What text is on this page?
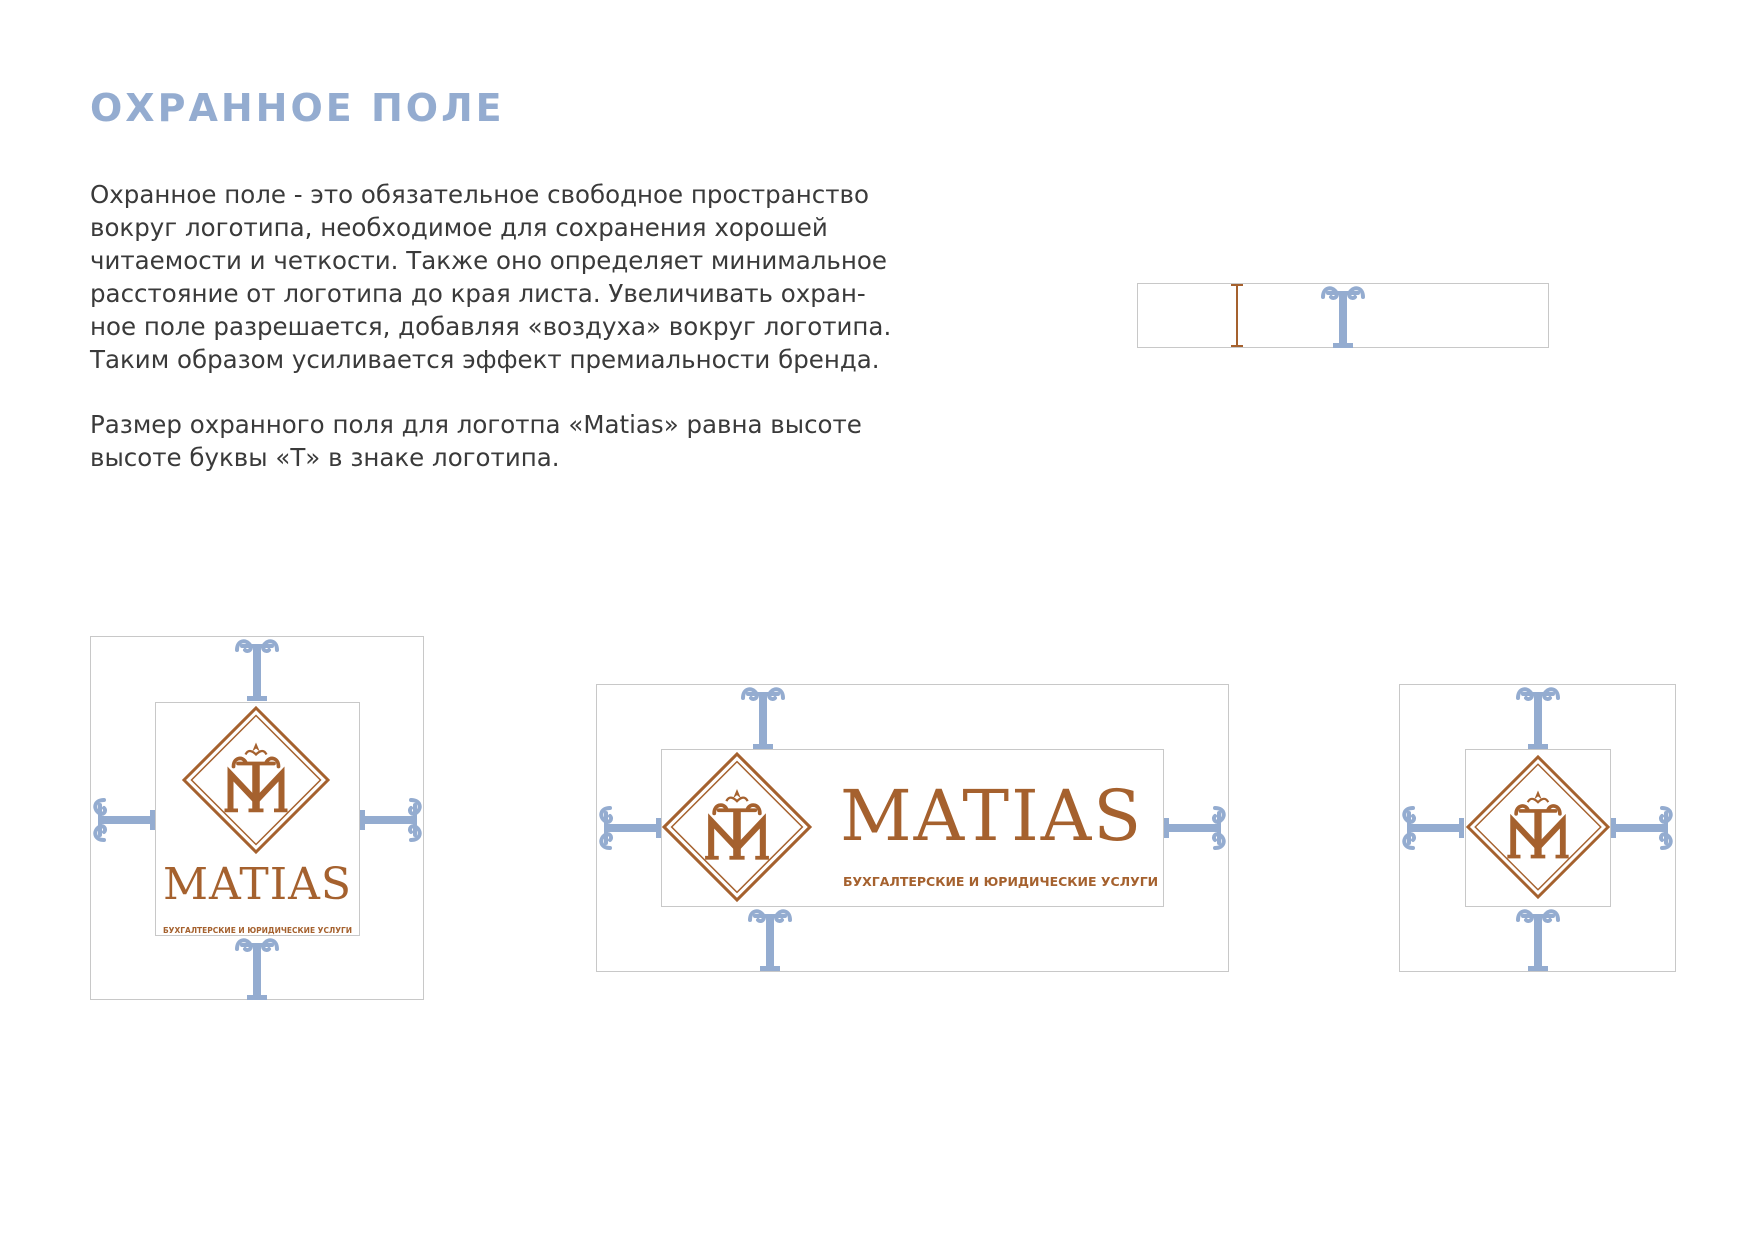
ОХРАННОЕ ПОЛЕ

Охранное поле - это обязательное свободное пространство
вокруг логотипа, необходимое для сохранения хорошей
читаемости и четкости. Также оно определяет минимальное
расстояние от логотипа до края листа. Увеличивать охран-
ное поле разрешается, добавляя «воздуха» вокруг логотипа.
Таким образом усиливается эффект премиальности бренда.

Размер охранного поля для логотпа «Matias» равна высоте
высоте буквы «Т» в знаке логотипа.

MATIAS
БУХГАЛТЕРСКИЕ И ЮРИДИЧЕСКИЕ УСЛУГИ
MATIAS
БУХГАЛТЕРСКИЕ И ЮРИДИЧЕСКИЕ УСЛУГИ
